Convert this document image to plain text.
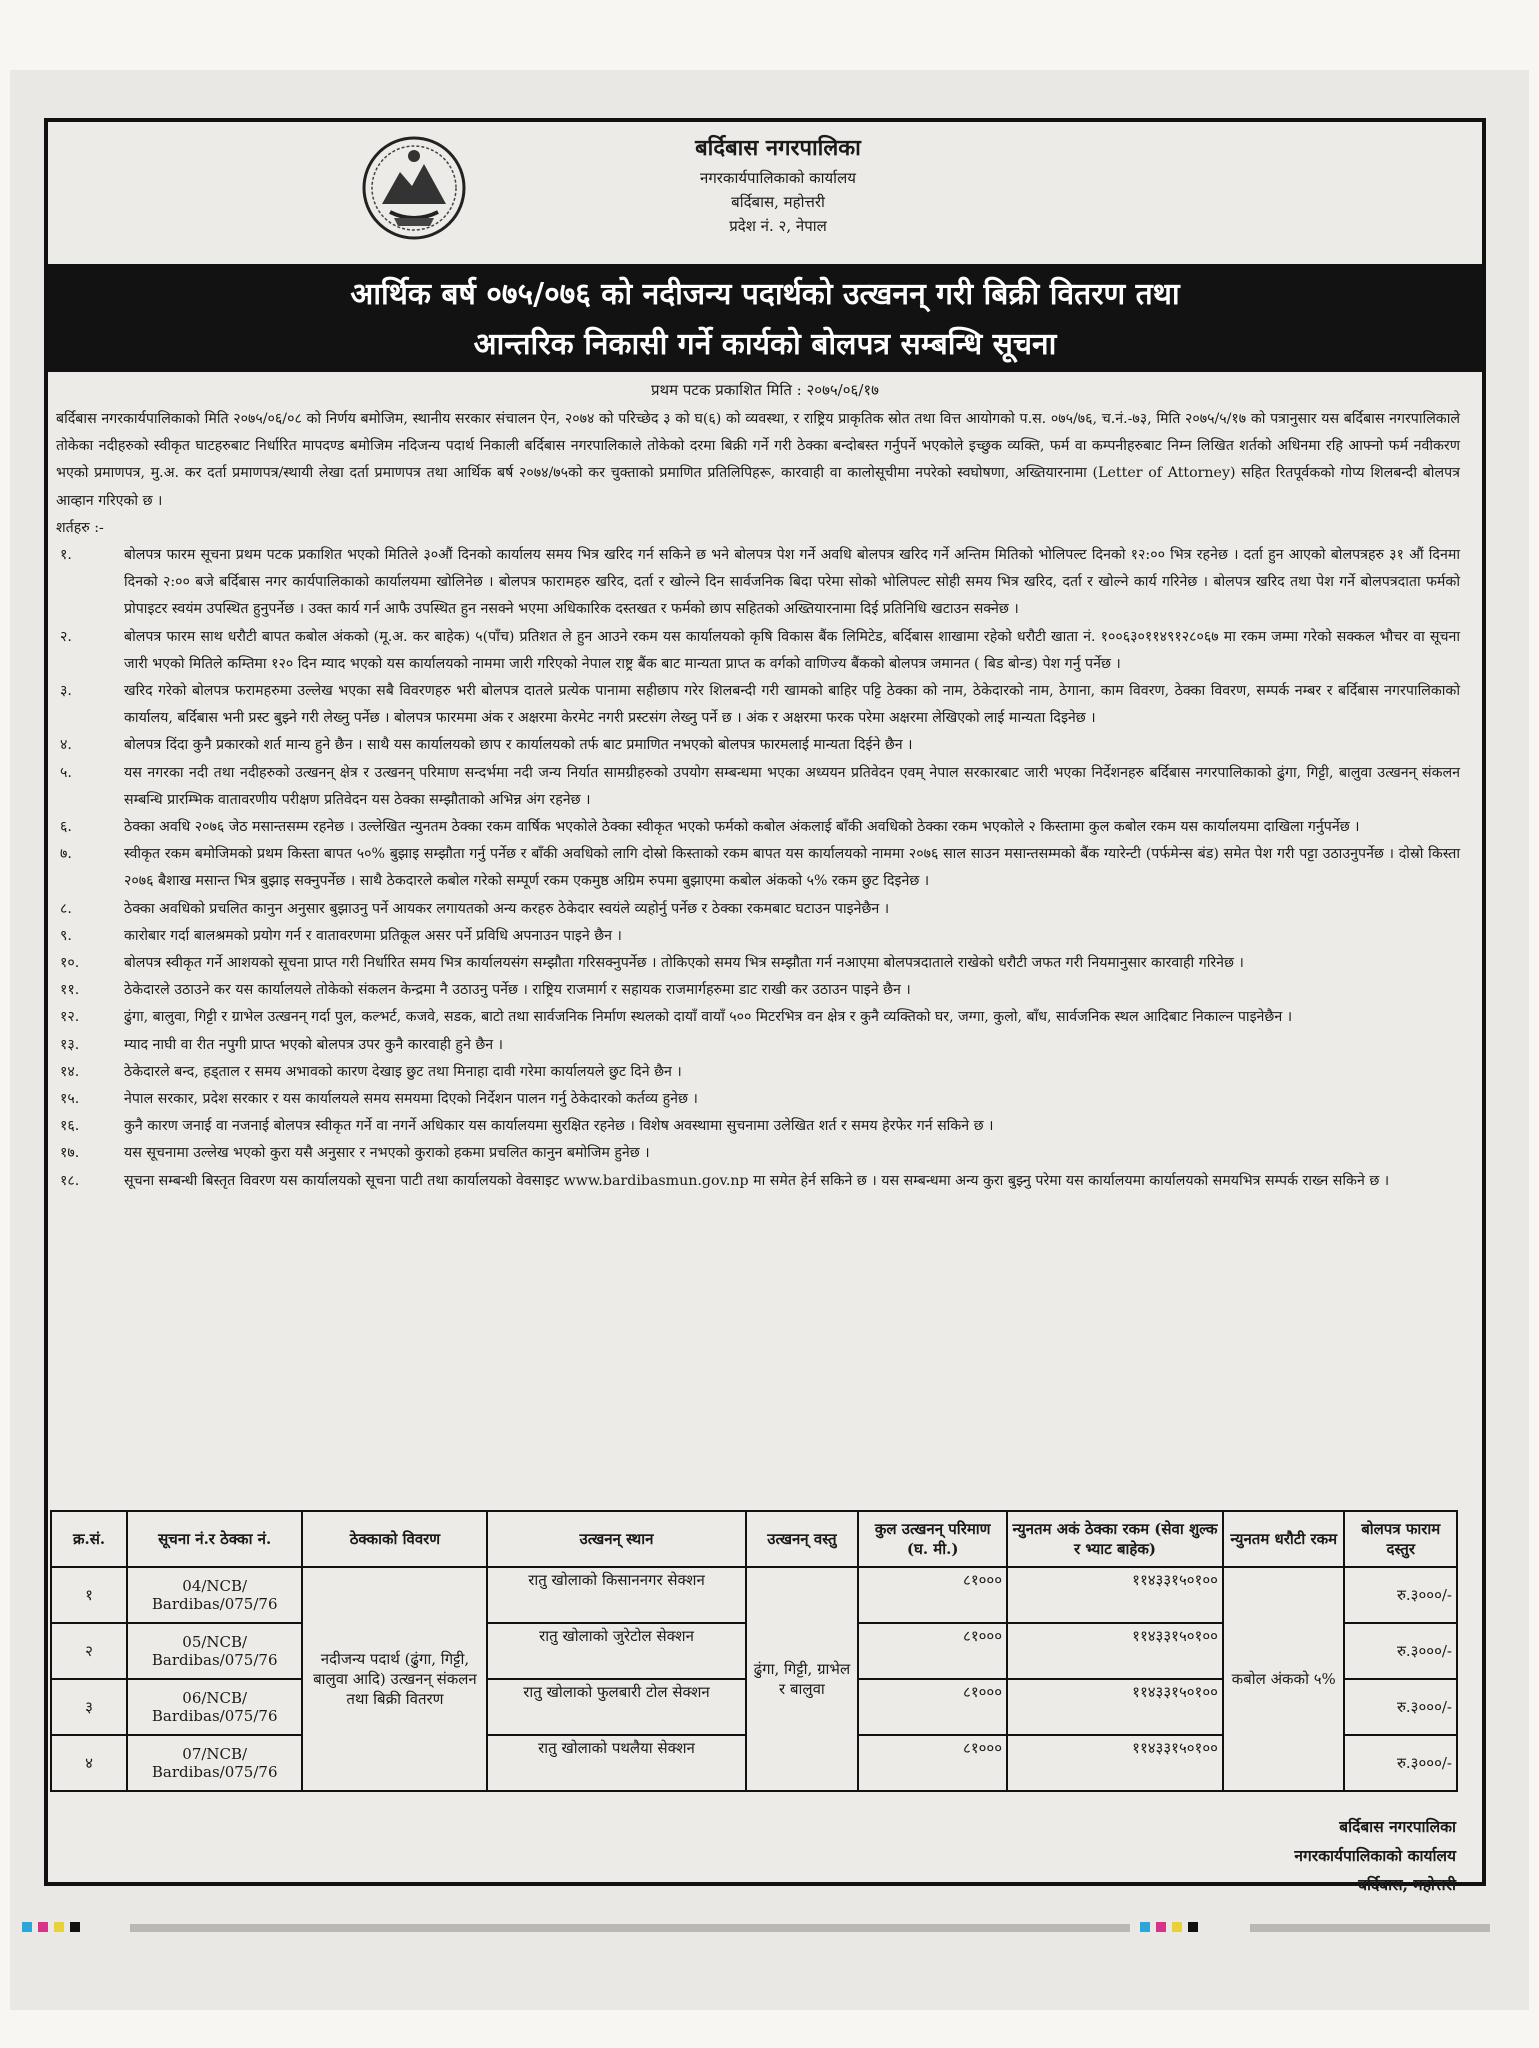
बर्दिबास नगरपालिका
नगरकार्यपालिकाको कार्यालय
बर्दिबास, महोत्तरी
प्रदेश नं. २, नेपाल
आर्थिक बर्ष ०७५/०७६ को नदीजन्य पदार्थको उत्खनन् गरी बिक्री वितरण तथा
आन्तरिक निकासी गर्ने कार्यको बोलपत्र सम्बन्धि सूचना
प्रथम पटक प्रकाशित मिति : २०७५/०६/१७
बर्दिबास नगरकार्यपालिकाको मिति २०७५/०६/०८ को निर्णय बमोजिम, स्थानीय सरकार संचालन ऐन, २०७४ को परिच्छेद ३ को घ(६) को व्यवस्था, र राष्ट्रिय प्राकृतिक स्रोत तथा वित्त आयोगको प.स. ०७५/७६, च.नं.-७३, मिति २०७५/५/१७ को पत्रानुसार यस बर्दिबास नगरपालिकाले तोकेका नदीहरुको स्वीकृत घाटहरुबाट निर्धारित मापदण्ड बमोजिम नदिजन्य पदार्थ निकाली बर्दिबास नगरपालिकाले तोकेको दरमा बिक्री गर्ने गरी ठेक्का बन्दोबस्त गर्नुपर्ने भएकोले इच्छुक व्यक्ति, फर्म वा कम्पनीहरुबाट निम्न लिखित शर्तको अधिनमा रहि आफ्नो फर्म नवीकरण भएको प्रमाणपत्र, मु.अ. कर दर्ता प्रमाणपत्र/स्थायी लेखा दर्ता प्रमाणपत्र तथा आर्थिक बर्ष २०७४/७५को कर चुक्ताको प्रमाणित प्रतिलिपिहरू, कारवाही वा कालोसूचीमा नपरेको स्वघोषणा, अख्तियारनामा (Letter of Attorney) सहित रितपूर्वकको गोप्य शिलबन्दी बोलपत्र आव्हान गरिएको छ ।
शर्तहरु :-
१.	बोलपत्र फारम सूचना प्रथम पटक प्रकाशित भएको मितिले ३०औं दिनको कार्यालय समय भित्र खरिद गर्न सकिने छ भने बोलपत्र पेश गर्ने अवधि बोलपत्र खरिद गर्ने अन्तिम मितिको भोलिपल्ट दिनको १२:०० भित्र रहनेछ । दर्ता हुन आएको बोलपत्रहरु ३१ औं दिनमा दिनको २:०० बजे बर्दिबास नगर कार्यपालिकाको कार्यालयमा खोलिनेछ । बोलपत्र फारामहरु खरिद, दर्ता र खोल्ने दिन सार्वजनिक बिदा परेमा सोको भोलिपल्ट सोही समय भित्र खरिद, दर्ता र खोल्ने कार्य गरिनेछ । बोलपत्र खरिद तथा पेश गर्ने बोलपत्रदाता फर्मको प्रोपाइटर स्वयंम उपस्थित हुनुपर्नेछ । उक्त कार्य गर्न आफै उपस्थित हुन नसक्ने भएमा अधिकारिक दस्तखत र फर्मको छाप सहितको अख्तियारनामा दिई प्रतिनिधि खटाउन सक्नेछ ।
२.	बोलपत्र फारम साथ धरौटी बापत कबोल अंकको (मू.अ. कर बाहेक) ५(पाँच) प्रतिशत ले हुन आउने रकम यस कार्यालयको कृषि विकास बैंक लिमिटेड, बर्दिबास शाखामा रहेको धरौटी खाता नं. १००६३०११४९१२८०६७ मा रकम जम्मा गरेको सक्कल भौचर वा सूचना जारी भएको मितिले कम्तिमा १२० दिन म्याद भएको यस कार्यालयको नाममा जारी गरिएको नेपाल राष्ट्र बैंक बाट मान्यता प्राप्त क वर्गको वाणिज्य बैंकको बोलपत्र जमानत ( बिड बोन्ड) पेश गर्नु पर्नेछ ।
३.	खरिद गरेको बोलपत्र फरामहरुमा उल्लेख भएका सबै विवरणहरु भरी बोलपत्र दातले प्रत्येक पानामा सहीछाप गरेर शिलबन्दी गरी खामको बाहिर पट्टि ठेक्का को नाम, ठेकेदारको नाम, ठेगाना, काम विवरण, ठेक्का विवरण, सम्पर्क नम्बर र बर्दिबास नगरपालिकाको कार्यालय, बर्दिबास भनी प्रस्ट बुझ्ने गरी लेख्नु पर्नेछ । बोलपत्र फारममा अंक र अक्षरमा केरमेट नगरी प्रस्टसंग लेख्नु पर्ने छ । अंक र अक्षरमा फरक परेमा अक्षरमा लेखिएको लाई मान्यता दिइनेछ ।
४.	बोलपत्र दिंदा कुनै प्रकारको शर्त मान्य हुने छैन । साथै यस कार्यालयको छाप र कार्यालयको तर्फ बाट प्रमाणित नभएको बोलपत्र फारमलाई मान्यता दिईने छैन ।
५.	यस नगरका नदी तथा नदीहरुको उत्खनन् क्षेत्र र उत्खनन् परिमाण सन्दर्भमा नदी जन्य निर्यात सामग्रीहरुको उपयोग सम्बन्धमा भएका अध्ययन प्रतिवेदन एवम् नेपाल सरकारबाट जारी भएका निर्देशनहरु बर्दिबास नगरपालिकाको ढुंगा, गिट्टी, बालुवा उत्खनन् संकलन सम्बन्धि प्रारम्भिक वातावरणीय परीक्षण प्रतिवेदन यस ठेक्का सम्झौताको अभिन्न अंग रहनेछ ।
६.	ठेक्का अवधि २०७६ जेठ मसान्तसम्म रहनेछ । उल्लेखित न्युनतम ठेक्का रकम वार्षिक भएकोले ठेक्का स्वीकृत भएको फर्मको कबोल अंकलाई बाँकी अवधिको ठेक्का रकम भएकोले २ किस्तामा कुल कबोल रकम यस कार्यालयमा दाखिला गर्नुपर्नेछ ।
७.	स्वीकृत रकम बमोजिमको प्रथम किस्ता बापत ५०% बुझाइ सम्झौता गर्नु पर्नेछ र बाँकी अवधिको लागि दोस्रो किस्ताको रकम बापत यस कार्यालयको नाममा २०७६ साल साउन मसान्तसम्मको बैंक ग्यारेन्टी (पर्फमेन्स बंड) समेत पेश गरी पट्टा उठाउनुपर्नेछ । दोस्रो किस्ता २०७६ बैशाख मसान्त भित्र बुझाइ सक्नुपर्नेछ । साथै ठेकदारले कबोल गरेको सम्पूर्ण रकम एकमुष्ठ अग्रिम रुपमा बुझाएमा कबोल अंकको ५% रकम छुट दिइनेछ ।
८.	ठेक्का अवधिको प्रचलित कानुन अनुसार बुझाउनु पर्ने आयकर लगायतको अन्य करहरु ठेकेदार स्वयंले व्यहोर्नु पर्नेछ र ठेक्का रकमबाट घटाउन पाइनेछैन ।
९.	कारोबार गर्दा बालश्रमको प्रयोग गर्न र वातावरणमा प्रतिकूल असर पर्ने प्रविधि अपनाउन पाइने छैन ।
१०.	बोलपत्र स्वीकृत गर्ने आशयको सूचना प्राप्त गरी निर्धारित समय भित्र कार्यालयसंग सम्झौता गरिसक्नुपर्नेछ । तोकिएको समय भित्र सम्झौता गर्न नआएमा बोलपत्रदाताले राखेको धरौटी जफत गरी नियमानुसार कारवाही गरिनेछ ।
११.	ठेकेदारले उठाउने कर यस कार्यालयले तोकेको संकलन केन्द्रमा नै उठाउनु पर्नेछ । राष्ट्रिय राजमार्ग र सहायक राजमार्गहरुमा डाट राखी कर उठाउन पाइने छैन ।
१२.	ढुंगा, बालुवा, गिट्टी र ग्राभेल उत्खनन् गर्दा पुल, कल्भर्ट, कजवे, सडक, बाटो तथा सार्वजनिक निर्माण स्थलको दायाँ वायाँ ५०० मिटरभित्र वन क्षेत्र र कुनै व्यक्तिको घर, जग्गा, कुलो, बाँध, सार्वजनिक स्थल आदिबाट निकाल्न पाइनेछैन ।
१३.	म्याद नाघी वा रीत नपुगी प्राप्त भएको बोलपत्र उपर कुनै कारवाही हुने छैन ।
१४.	ठेकेदारले बन्द, हड्ताल र समय अभावको कारण देखाइ छुट तथा मिनाहा दावी गरेमा कार्यालयले छुट दिने छैन ।
१५.	नेपाल सरकार, प्रदेश सरकार र यस कार्यालयले समय समयमा दिएको निर्देशन पालन गर्नु ठेकेदारको कर्तव्य हुनेछ ।
१६.	कुनै कारण जनाई वा नजनाई बोलपत्र स्वीकृत गर्ने वा नगर्ने अधिकार यस कार्यालयमा सुरक्षित रहनेछ । विशेष अवस्थामा सुचनामा उलेखित शर्त र समय हेरफेर गर्न सकिने छ ।
१७.	यस सूचनामा उल्लेख भएको कुरा यसै अनुसार र नभएको कुराको हकमा प्रचलित कानुन बमोजिम हुनेछ ।
१८.	सूचना सम्बन्धी बिस्तृत विवरण यस कार्यालयको सूचना पाटी तथा कार्यालयको वेवसाइट www.bardibasmun.gov.np मा समेत हेर्न सकिने छ । यस सम्बन्धमा अन्य कुरा बुझ्नु परेमा यस कार्यालयमा कार्यालयको समयभित्र सम्पर्क राख्न सकिने छ ।
क्र.सं.	सूचना नं.र ठेक्का नं.	ठेक्काको विवरण	उत्खनन् स्थान	उत्खनन् वस्तु	कुल उत्खनन् परिमाण (घ. मी.)	न्युनतम अकं ठेक्का रकम (सेवा शुल्क र भ्याट बाहेक)	न्युनतम धरौटी रकम	बोलपत्र फाराम दस्तुर
१	04/NCB/ Bardibas/075/76	नदीजन्य पदार्थ (ढुंगा, गिट्टी, बालुवा आदि) उत्खनन् संकलन तथा बिक्री वितरण	रातु खोलाको किसाननगर सेक्शन	ढुंगा, गिट्टी, ग्राभेल र बालुवा	८१०००	११४३३१५०१००	कबोल अंकको ५%	रु.३०००/-
२	05/NCB/ Bardibas/075/76		रातु खोलाको जुरेटोल सेक्शन		८१०००	११४३३१५०१००		रु.३०००/-
३	06/NCB/ Bardibas/075/76		रातु खोलाको फुलबारी टोल सेक्शन		८१०००	११४३३१५०१००		रु.३०००/-
४	07/NCB/ Bardibas/075/76		रातु खोलाको पथलैया सेक्शन		८१०००	११४३३१५०१००		रु.३०००/-
बर्दिबास नगरपालिका
नगरकार्यपालिकाको कार्यालय
बर्दिबास, महोत्तरी
